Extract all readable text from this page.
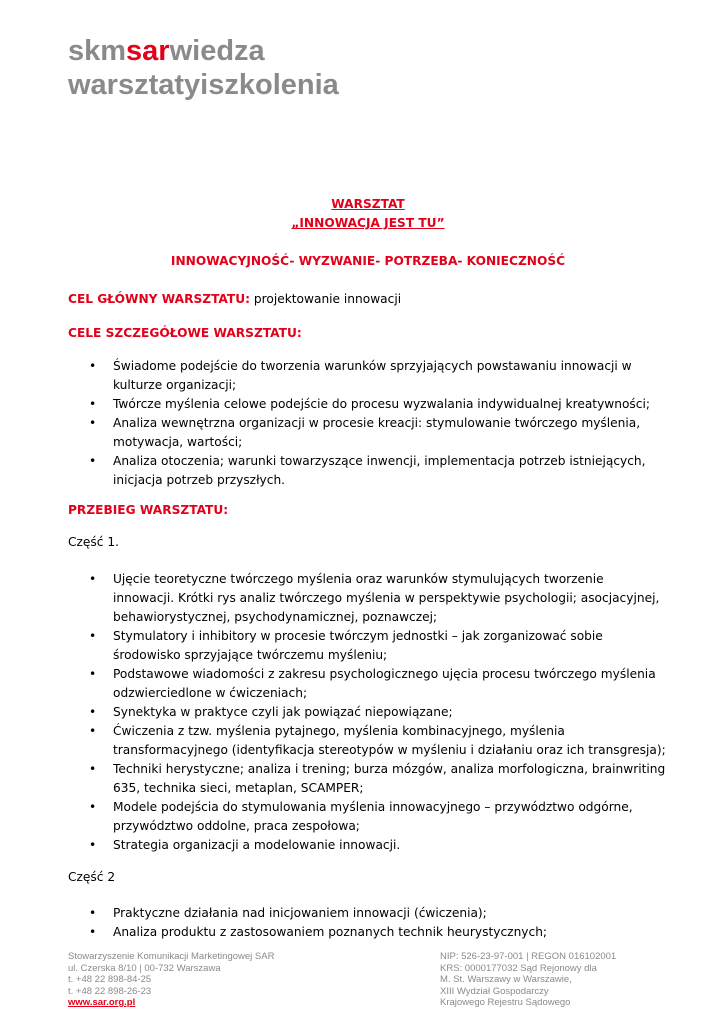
skmsarwiedza
warsztatyiszkolenia
WARSZTAT
„INNOWACJA JEST TU”
INNOWACYJNOŚĆ- WYZWANIE- POTRZEBA- KONIECZNOŚĆ

CEL GŁÓWNY WARSZTATU: projektowanie innowacji

CELE SZCZEGÓŁOWE WARSZTATU:

• Świadome podejście do tworzenia warunków sprzyjających powstawaniu innowacji w kulturze organizacji;
• Twórcze myślenia celowe podejście do procesu wyzwalania indywidualnej kreatywności;
• Analiza wewnętrzna organizacji w procesie kreacji: stymulowanie twórczego myślenia, motywacja, wartości;
• Analiza otoczenia; warunki towarzyszące inwencji, implementacja potrzeb istniejących, inicjacja potrzeb przyszłych.

PRZEBIEG WARSZTATU:

Część 1.

• Ujęcie teoretyczne twórczego myślenia oraz warunków stymulujących tworzenie innowacji. Krótki rys analiz twórczego myślenia w perspektywie psychologii; asocjacyjnej, behawiorystycznej, psychodynamicznej, poznawczej;
• Stymulatory i inhibitory w procesie twórczym jednostki – jak zorganizować sobie środowisko sprzyjające twórczemu myśleniu;
• Podstawowe wiadomości z zakresu psychologicznego ujęcia procesu twórczego myślenia odzwierciedlone w ćwiczeniach;
• Synektyka w praktyce czyli jak powiązać niepowiązane;
• Ćwiczenia z tzw. myślenia pytajnego, myślenia kombinacyjnego, myślenia transformacyjnego (identyfikacja stereotypów w myśleniu i działaniu oraz ich transgresja);
• Techniki herystyczne; analiza i trening; burza mózgów, analiza morfologiczna, brainwriting 635, technika sieci, metaplan, SCAMPER;
• Modele podejścia do stymulowania myślenia innowacyjnego – przywództwo odgórne, przywództwo oddolne, praca zespołowa;
• Strategia organizacji a modelowanie innowacji.

Część 2

• Praktyczne działania nad inicjowaniem innowacji (ćwiczenia);
• Analiza produktu z zastosowaniem poznanych technik heurystycznych;
Stowarzyszenie Komunikacji Marketingowej SAR
ul. Czerska 8/10 | 00-732 Warszawa
t. +48 22 898-84-25
t. +48 22 898-26-23
www.sar.org.pl
NIP: 526-23-97-001 | REGON 016102001
KRS: 0000177032 Sąd Rejonowy dla
M. St. Warszawy w Warszawie,
XIII Wydział Gospodarczy
Krajowego Rejestru Sądowego
